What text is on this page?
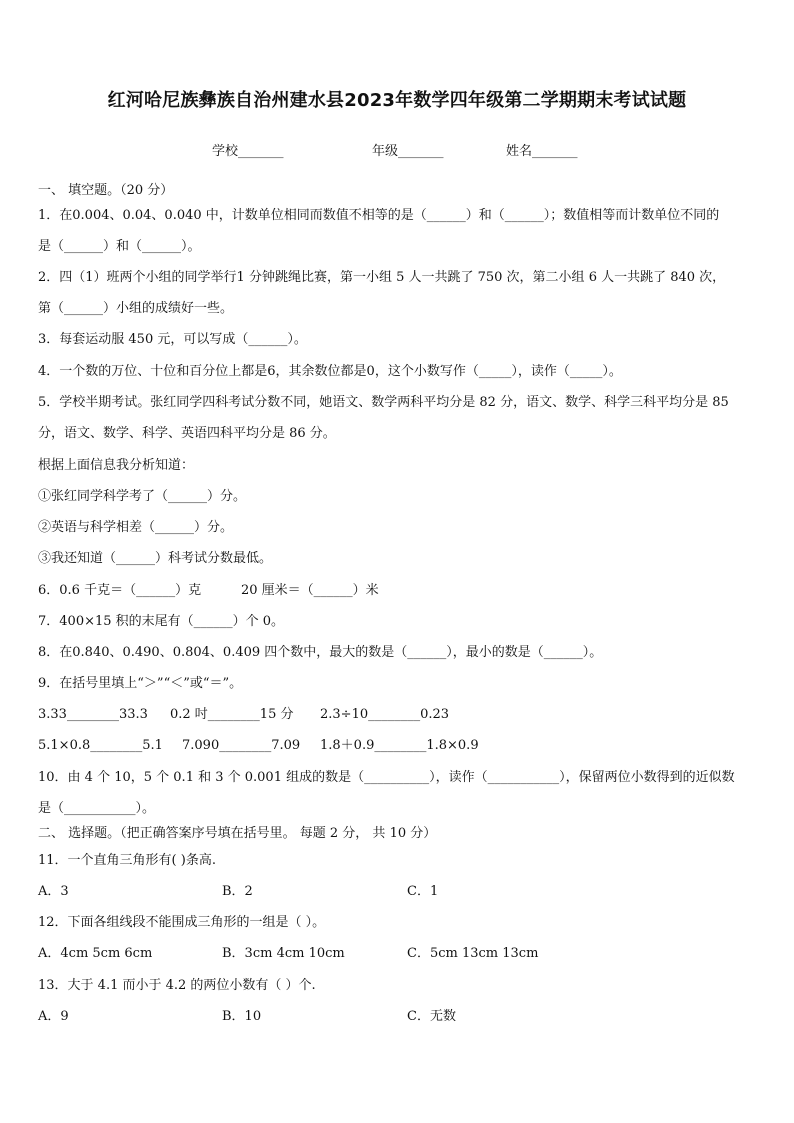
红河哈尼族彝族自治州建水县2023年数学四年级第二学期期末考试试题
学校_______	年级_______	姓名_______
一、 填空题。（20 分）
1．在0.004、0.04、0.040 中，计数单位相同而数值不相等的是（______）和（______）；数值相等而计数单位不同的
是（______）和（______）。
2．四（1）班两个小组的同学举行1 分钟跳绳比赛，第一小组 5 人一共跳了 750 次，第二小组 6 人一共跳了 840 次，
第（______）小组的成绩好一些。
3．每套运动服 450 元，可以写成（______）。
4．一个数的万位、十位和百分位上都是6，其余数位都是0，这个小数写作（_____），读作（_____）。
5．学校半期考试。张红同学四科考试分数不同，她语文、数学两科平均分是 82 分，语文、数学、科学三科平均分是 85
分，语文、数学、科学、英语四科平均分是 86 分。
根据上面信息我分析知道：
①张红同学科学考了（______）分。
②英语与科学相差（______）分。
③我还知道（______）科考试分数最低。
6．0.6 千克＝（______）克	20 厘米＝（______）米
7．400×15 积的末尾有（______）个 0。
8．在0.840、0.490、0.804、0.409 四个数中，最大的数是（______），最小的数是（______）。
9．在括号里填上“＞”“＜”或“＝”。
3.33________33.3 0.2 吋________15 分 2.3÷10________0.23
5.1×0.8________5.1 7.090________7.09 1.8＋0.9________1.8×0.9
10．由 4 个 10，5 个 0.1 和 3 个 0.001 组成的数是（__________），读作（___________），保留两位小数得到的近似数
是（___________）。
二、 选择题。（把正确答案序号填在括号里。 每题 2 分， 共 10 分）
11．一个直角三角形有( )条高.
A．3	B．2	C．1
12．下面各组线段不能围成三角形的一组是（ ）。
A．4cm 5cm 6cm	B．3cm 4cm 10cm	C．5cm 13cm 13cm
13．大于 4.1 而小于 4.2 的两位小数有（ ）个.
A．9	B．10	C．无数
